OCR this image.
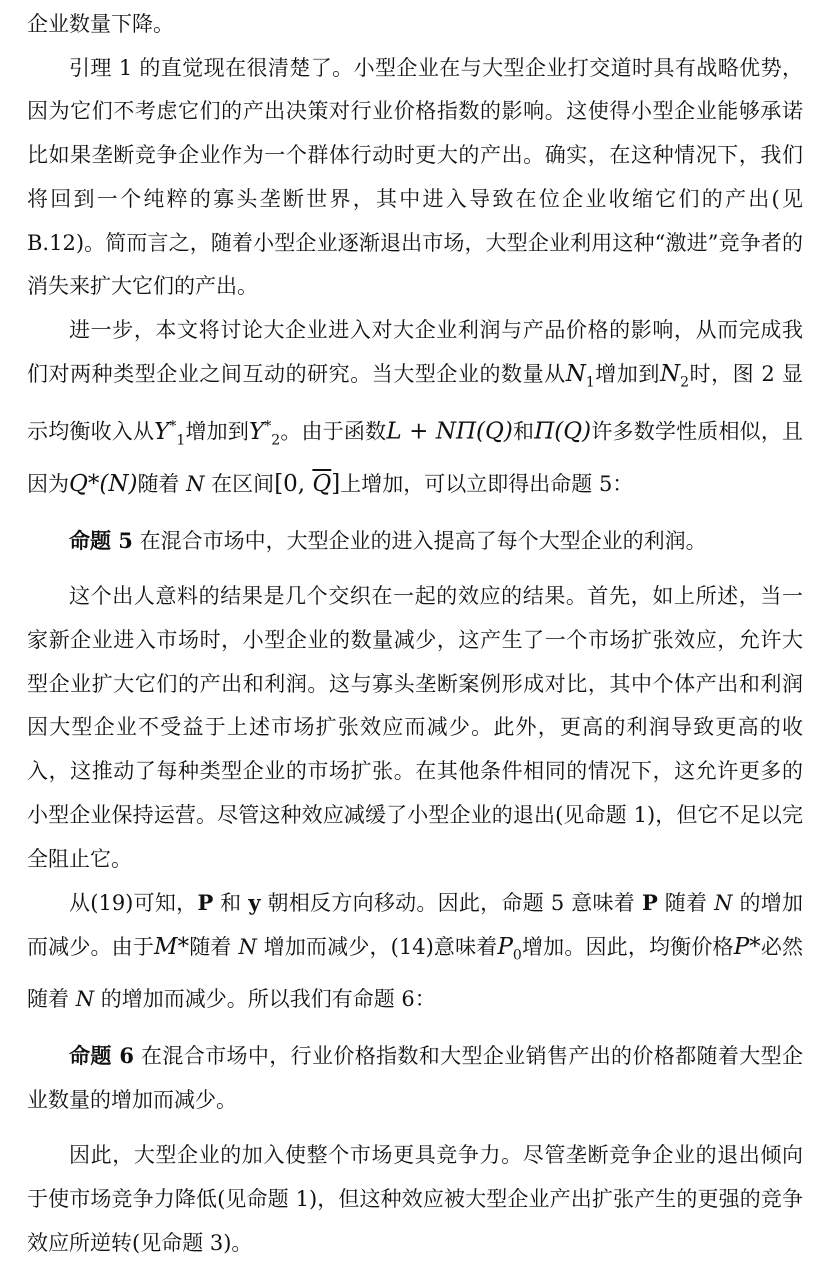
企业数量下降。

引理 1 的直觉现在很清楚了。小型企业在与大型企业打交道时具有战略优势，因为它们不考虑它们的产出决策对行业价格指数的影响。这使得小型企业能够承诺比如果垄断竞争企业作为一个群体行动时更大的产出。确实，在这种情况下，我们将回到一个纯粹的寡头垄断世界，其中进入导致在位企业收缩它们的产出(见 B.12)。简而言之，随着小型企业逐渐退出市场，大型企业利用这种“激进”竞争者的消失来扩大它们的产出。

进一步，本文将讨论大企业进入对大企业利润与产品价格的影响，从而完成我们对两种类型企业之间互动的研究。当大型企业的数量从$N_1$增加到$N_2$时，图 2 显示均衡收入从$Y^*_1$增加到$Y^*_2$。由于函数L + NΠ(Q)和Π(Q)许多数学性质相似，且因为Q*(N)随着 N 在区间[0, $\overline{Q}$]上增加，可以立即得出命题 5：

命题 5 在混合市场中，大型企业的进入提高了每个大型企业的利润。

这个出人意料的结果是几个交织在一起的效应的结果。首先，如上所述，当一家新企业进入市场时，小型企业的数量减少，这产生了一个市场扩张效应，允许大型企业扩大它们的产出和利润。这与寡头垄断案例形成对比，其中个体产出和利润因大型企业不受益于上述市场扩张效应而减少。此外，更高的利润导致更高的收入，这推动了每种类型企业的市场扩张。在其他条件相同的情况下，这允许更多的小型企业保持运营。尽管这种效应减缓了小型企业的退出(见命题 1)，但它不足以完全阻止它。

从(19)可知，P 和 y 朝相反方向移动。因此，命题 5 意味着 P 随着 N 的增加而减少。由于M*随着 N 增加而减少，(14)意味着$P_0$增加。因此，均衡价格P*必然随着 N 的增加而减少。所以我们有命题 6：

命题 6 在混合市场中，行业价格指数和大型企业销售产出的价格都随着大型企业数量的增加而减少。

因此，大型企业的加入使整个市场更具竞争力。尽管垄断竞争企业的退出倾向于使市场竞争力降低(见命题 1)，但这种效应被大型企业产出扩张产生的更强的竞争效应所逆转(见命题 3)。
